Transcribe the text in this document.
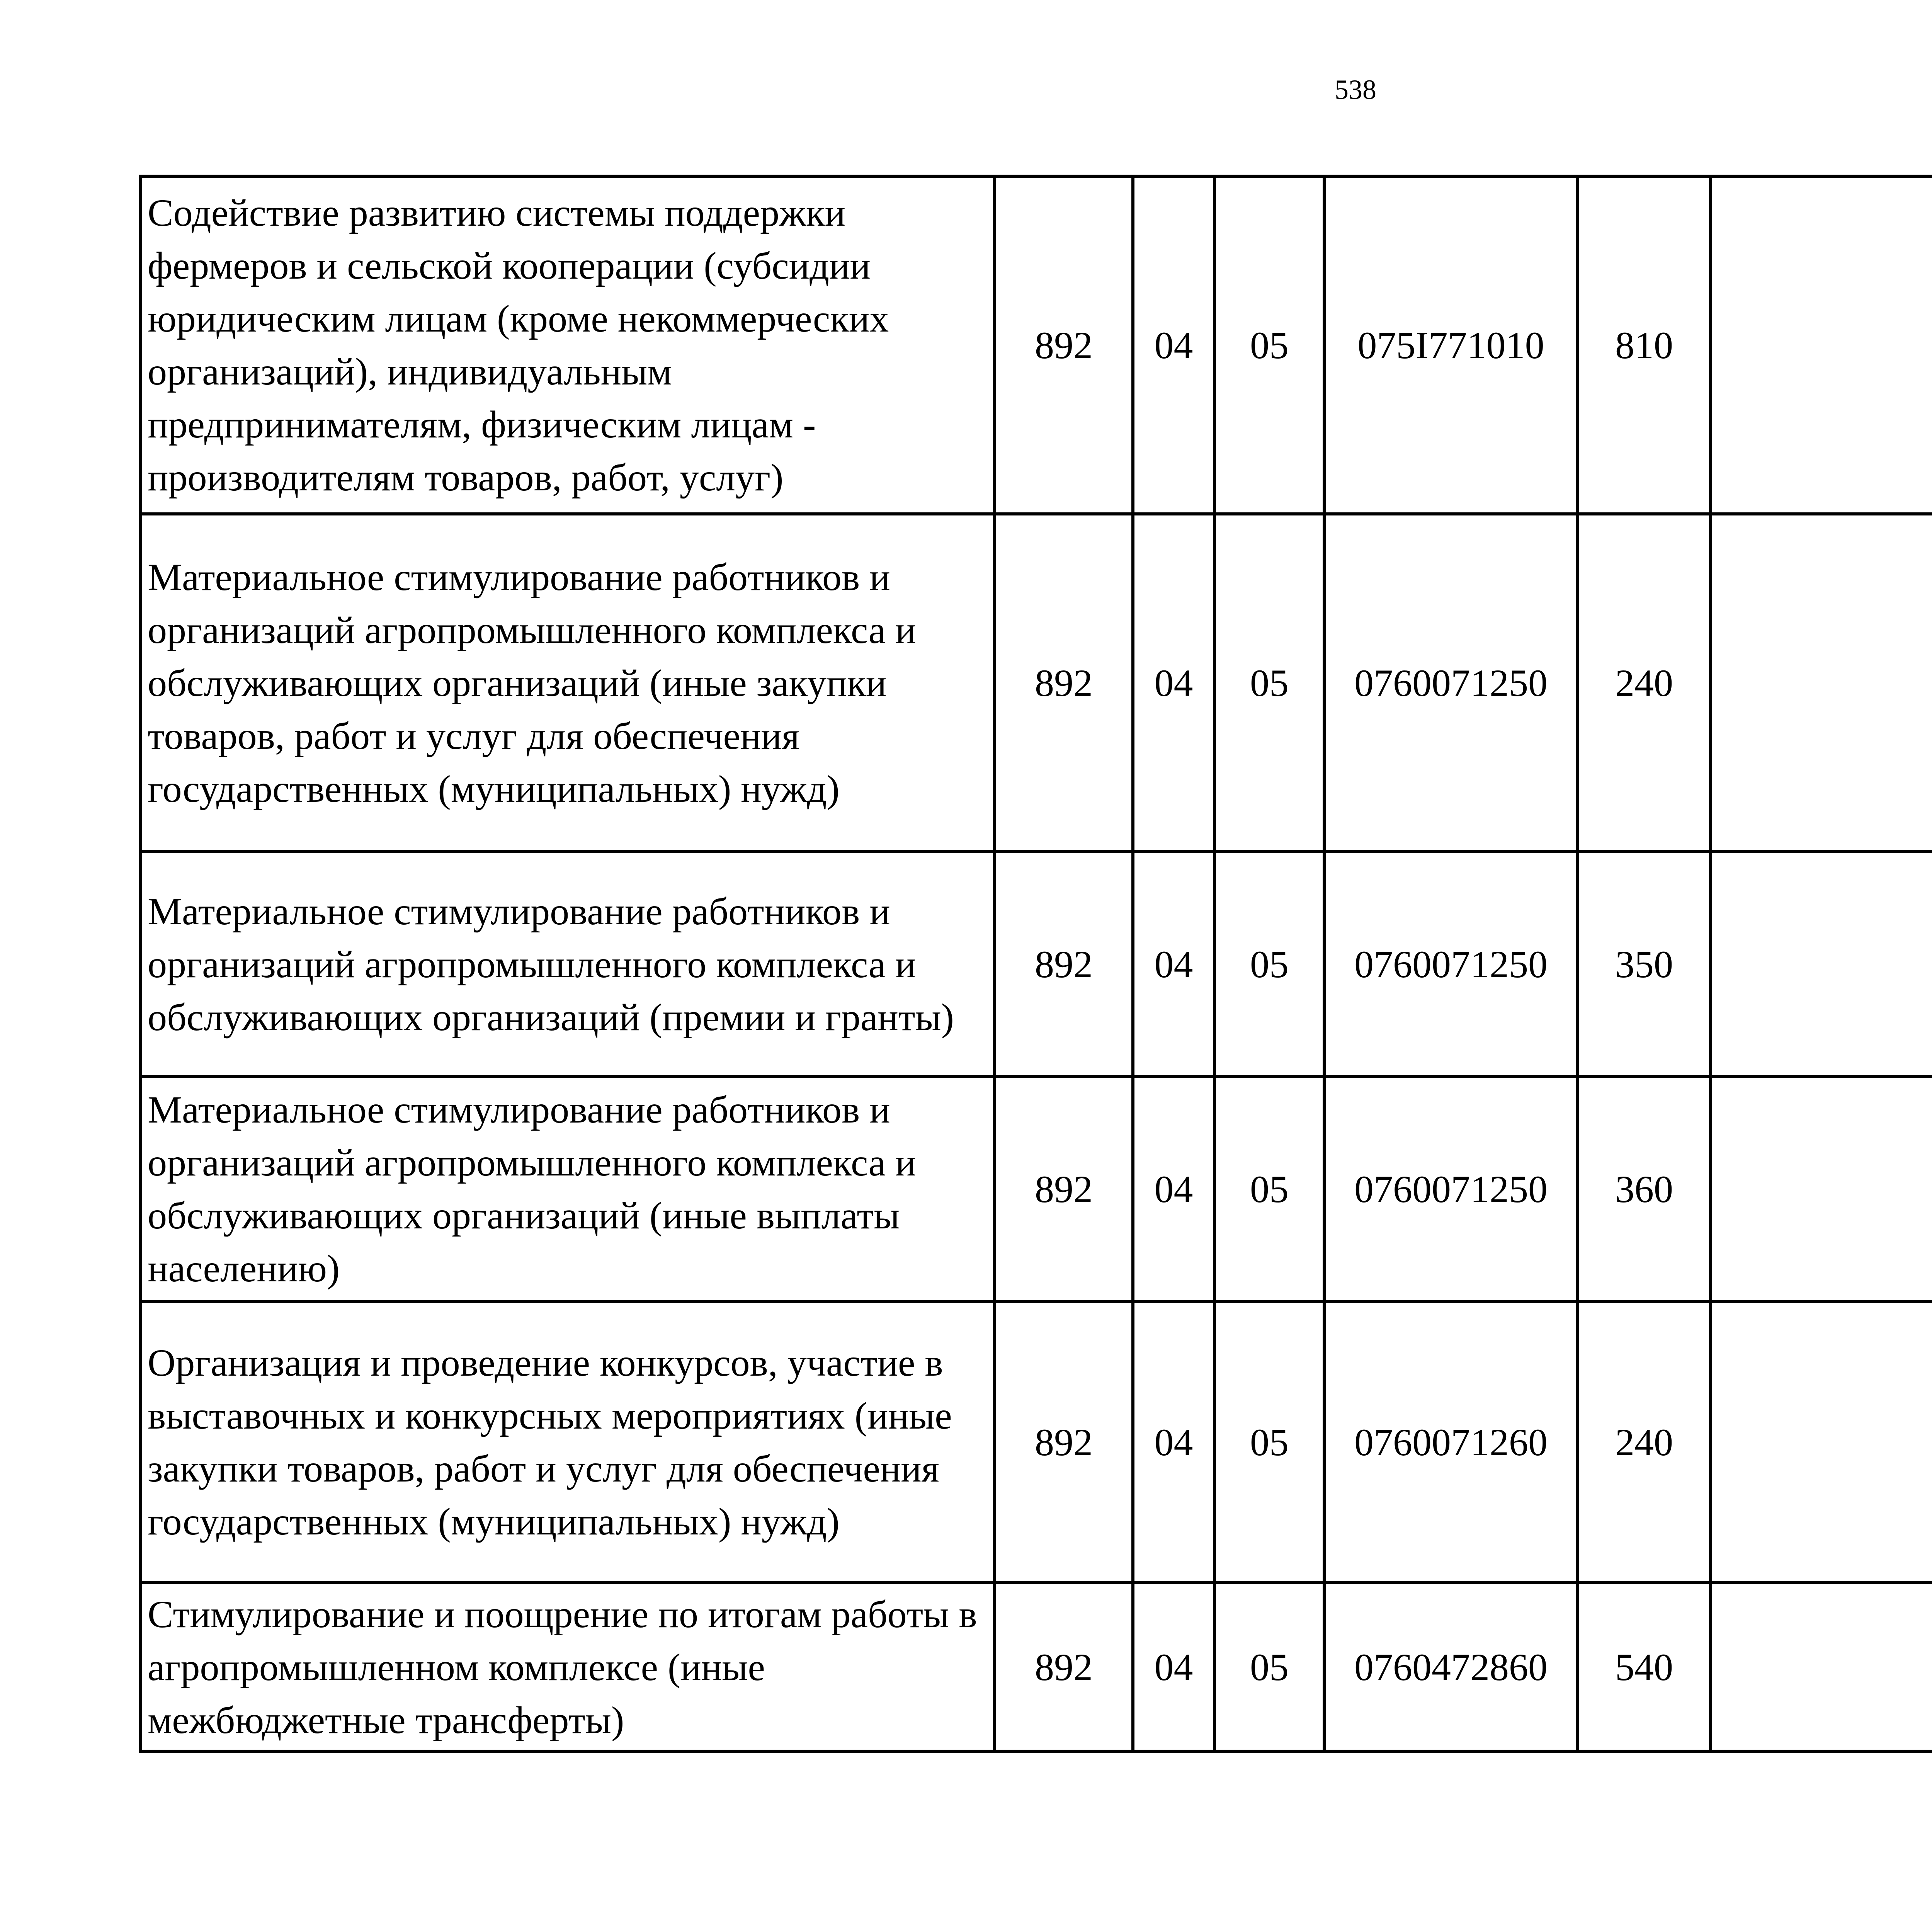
538
Содействие развитию системы поддержки фермеров и сельской кооперации (субсидии юридическим лицам (кроме некоммерческих организаций), индивидуальным предпринимателям, физическим лицам - производителям товаров, работ, услуг)	892	04	05	075I771010	810			
Материальное стимулирование работников и организаций агропромышленного комплекса и обслуживающих организаций (иные закупки товаров, работ и услуг для обеспечения государственных (муниципальных) нужд)	892	04	05	0760071250	240			
Материальное стимулирование работников и организаций агропромышленного комплекса и обслуживающих организаций (премии и гранты)	892	04	05	0760071250	350			
Материальное стимулирование работников и организаций агропромышленного комплекса и обслуживающих организаций (иные выплаты населению)	892	04	05	0760071250	360			
Организация и проведение конкурсов, участие в выставочных и конкурсных мероприятиях (иные закупки товаров, работ и услуг для обеспечения государственных (муниципальных) нужд)	892	04	05	0760071260	240			
Стимулирование и поощрение по итогам работы в агропромышленном комплексе (иные межбюджетные трансферты)	892	04	05	0760472860	540			
